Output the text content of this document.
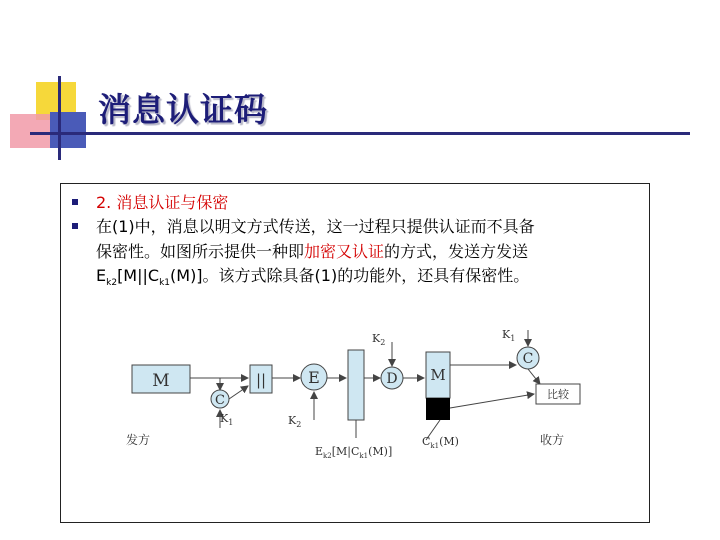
消息认证码
2. 消息认证与保密
在(1)中，消息以明文方式传送，这一过程只提供认证而不具备
保密性。如图所示提供一种即加密又认证的方式，发送方发送
$E_{k2}[M||C_{k1}(M)]$。该方式除具备(1)的功能外，还具有保密性。
M
C
$K_1$
||	E
$K_2$
$E_{k2}[M|C_{k1}(M)]$
D
$K_2$
M
$C_{k1}(M)$
C
$K_1$
比较
发方	收方
